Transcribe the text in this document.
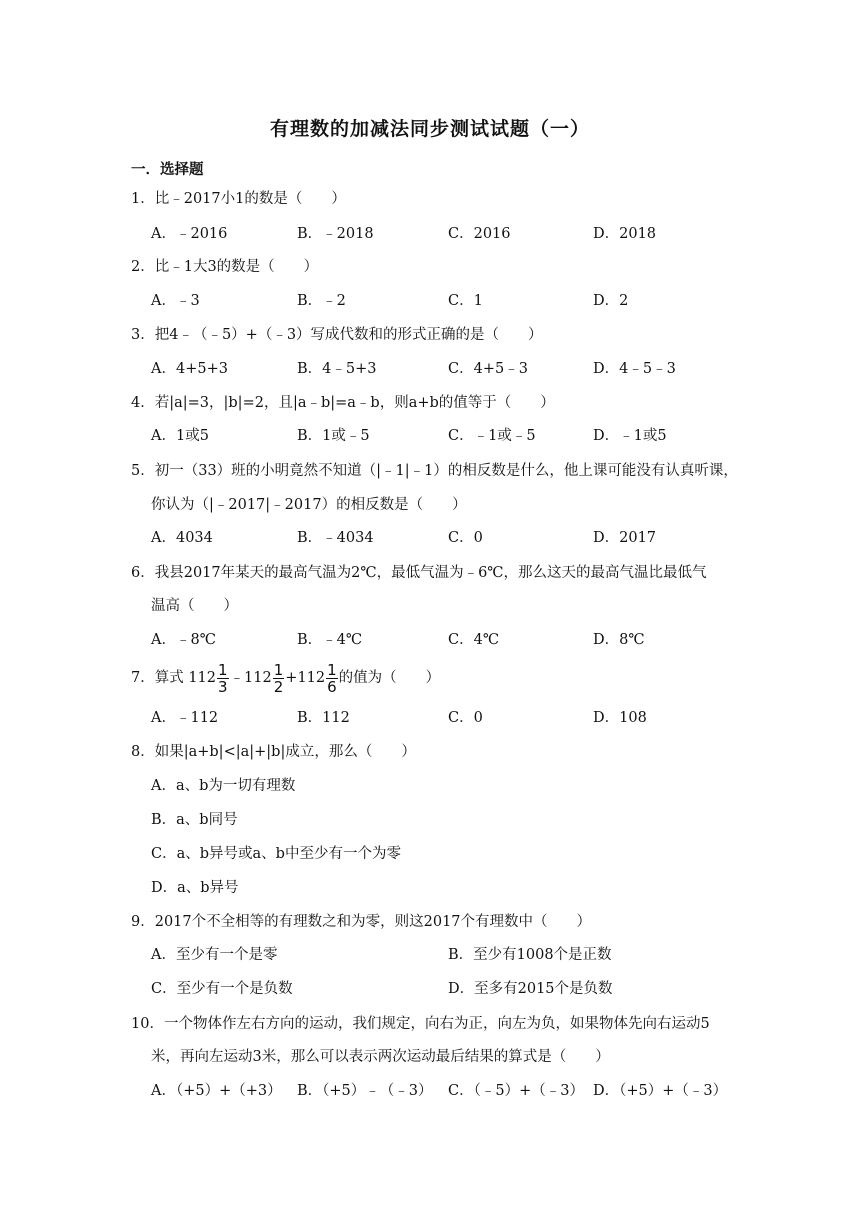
有理数的加减法同步测试试题（一）
一．选择题
1．比﹣2017小1的数是（　　）
A．﹣2016	B．﹣2018	C．2016	D．2018
2．比﹣1大3的数是（　　）
A．﹣3	B．﹣2	C．1	D．2
3．把4﹣（﹣5）+（﹣3）写成代数和的形式正确的是（　　）
A．4+5+3	B．4﹣5+3	C．4+5﹣3	D．4﹣5﹣3
4．若|a|=3，|b|=2，且|a﹣b|=a﹣b，则a+b的值等于（　　）
A．1或5	B．1或﹣5	C．﹣1或﹣5	D．﹣1或5
5．初一（33）班的小明竟然不知道（|﹣1|﹣1）的相反数是什么，他上课可能没有认真听课，
你认为（|﹣2017|﹣2017）的相反数是（　　）
A．4034	B．﹣4034	C．0	D．2017
6．我县2017年某天的最高气温为2℃，最低气温为﹣6℃，那么这天的最高气温比最低气
温高（　　）
A．﹣8℃	B．﹣4℃	C．4℃	D．8℃
7．算式 $112 \frac{1}{3}$ ﹣112 $\frac{1}{2} +112 \frac{1}{6}$ 的值为（　　）
A．﹣112	B．112	C．0	D．108
8．如果|a+b|<|a|+|b|成立，那么（　　）
A．a、b为一切有理数
B．a、b同号
C．a、b异号或a、b中至少有一个为零
D．a、b异号
9．2017个不全相等的有理数之和为零，则这2017个有理数中（　　）
A．至少有一个是零	B．至少有1008个是正数
C．至少有一个是负数	D．至多有2015个是负数
10．一个物体作左右方向的运动，我们规定，向右为正，向左为负，如果物体先向右运动5
米，再向左运动3米，那么可以表示两次运动最后结果的算式是（　　）
A．（+5）+（+3） B．（+5）﹣（﹣3） C．（﹣5）+（﹣3） D．（+5）+（﹣3）
